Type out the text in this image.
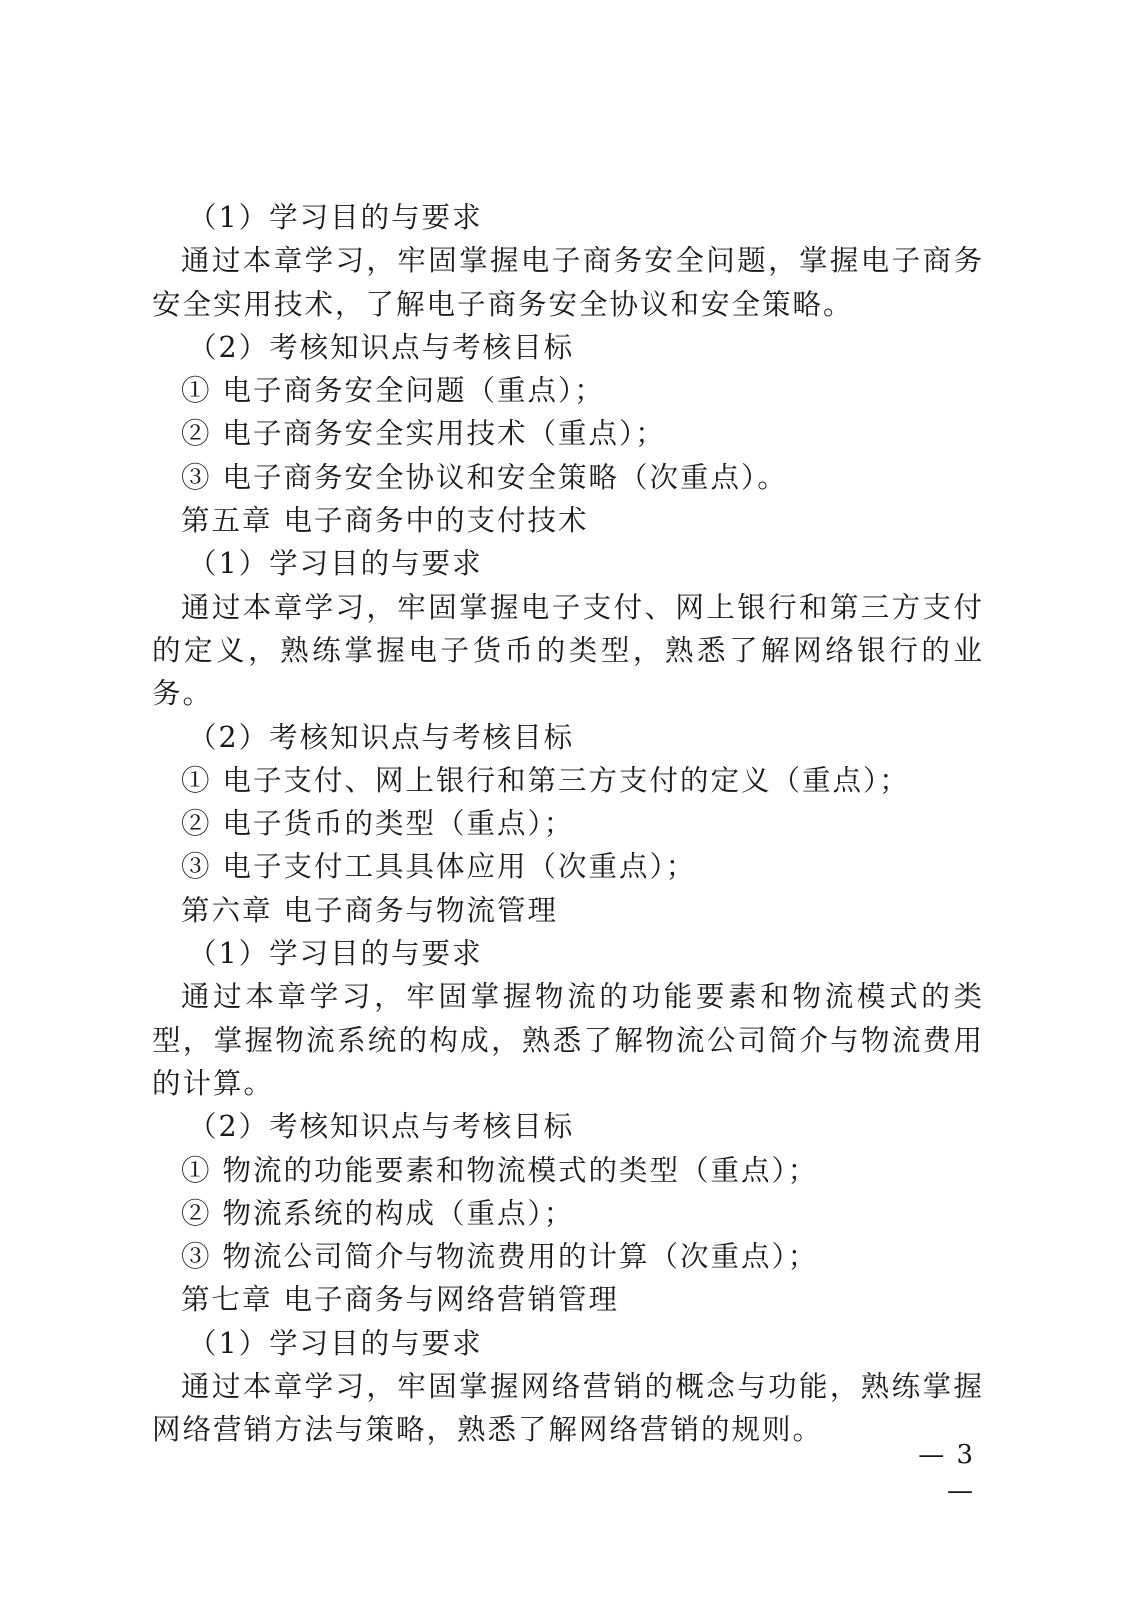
（1）学习目的与要求
通过本章学习，牢固掌握电子商务安全问题，掌握电子商务安全实用技术，了解电子商务安全协议和安全策略。
（2）考核知识点与考核目标
① 电子商务安全问题（重点）；
② 电子商务安全实用技术（重点）；
③ 电子商务安全协议和安全策略（次重点）。
第五章 电子商务中的支付技术
（1）学习目的与要求
通过本章学习，牢固掌握电子支付、网上银行和第三方支付的定义，熟练掌握电子货币的类型，熟悉了解网络银行的业务。
（2）考核知识点与考核目标
① 电子支付、网上银行和第三方支付的定义（重点）；
② 电子货币的类型（重点）；
③ 电子支付工具具体应用（次重点）；
第六章 电子商务与物流管理
（1）学习目的与要求
通过本章学习，牢固掌握物流的功能要素和物流模式的类型，掌握物流系统的构成，熟悉了解物流公司简介与物流费用的计算。
（2）考核知识点与考核目标
① 物流的功能要素和物流模式的类型（重点）；
② 物流系统的构成（重点）；
③ 物流公司简介与物流费用的计算（次重点）；
第七章 电子商务与网络营销管理
（1）学习目的与要求
通过本章学习，牢固掌握网络营销的概念与功能，熟练掌握网络营销方法与策略，熟悉了解网络营销的规则。
— 3 —
